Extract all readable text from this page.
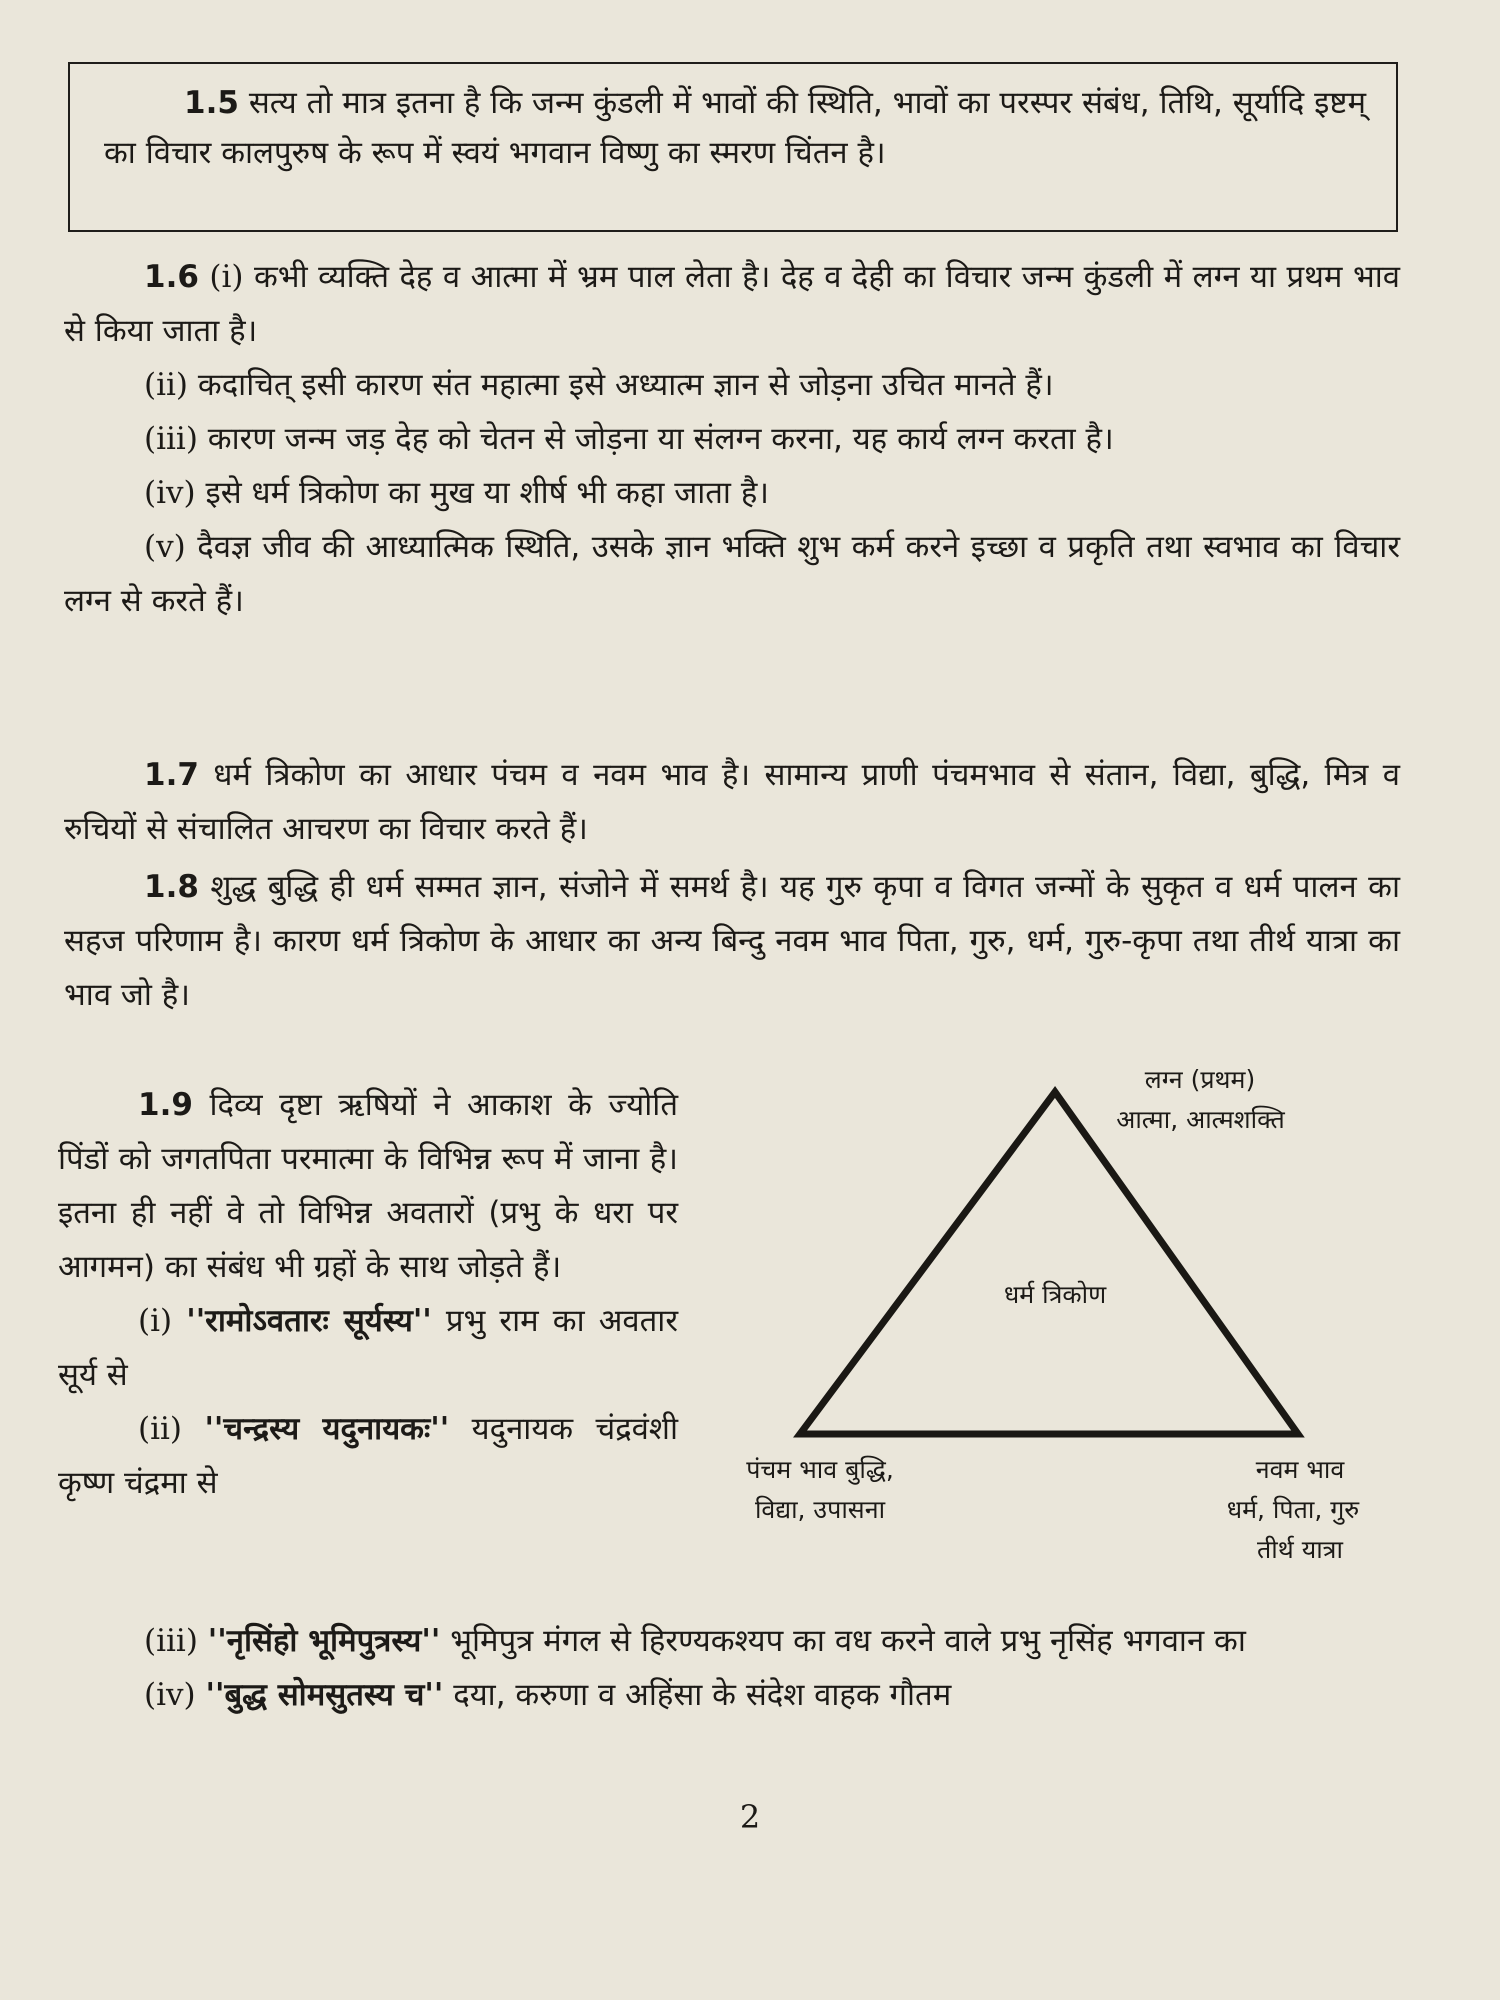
1.5 सत्य तो मात्र इतना है कि जन्म कुंडली में भावों की स्थिति, भावों का परस्पर संबंध, तिथि, सूर्यादि इष्टम् का विचार कालपुरुष के रूप में स्वयं भगवान विष्णु का स्मरण चिंतन है।

1.6 (i) कभी व्यक्ति देह व आत्मा में भ्रम पाल लेता है। देह व देही का विचार जन्म कुंडली में लग्न या प्रथम भाव से किया जाता है।

(ii) कदाचित् इसी कारण संत महात्मा इसे अध्यात्म ज्ञान से जोड़ना उचित मानते हैं।

(iii) कारण जन्म जड़ देह को चेतन से जोड़ना या संलग्न करना, यह कार्य लग्न करता है।

(iv) इसे धर्म त्रिकोण का मुख या शीर्ष भी कहा जाता है।

(v) दैवज्ञ जीव की आध्यात्मिक स्थिति, उसके ज्ञान भक्ति शुभ कर्म करने इच्छा व प्रकृति तथा स्वभाव का विचार लग्न से करते हैं।

1.7 धर्म त्रिकोण का आधार पंचम व नवम भाव है। सामान्य प्राणी पंचमभाव से संतान, विद्या, बुद्धि, मित्र व रुचियों से संचालित आचरण का विचार करते हैं।

1.8 शुद्ध बुद्धि ही धर्म सम्मत ज्ञान, संजोने में समर्थ है। यह गुरु कृपा व विगत जन्मों के सुकृत व धर्म पालन का सहज परिणाम है। कारण धर्म त्रिकोण के आधार का अन्य बिन्दु नवम भाव पिता, गुरु, धर्म, गुरु-कृपा तथा तीर्थ यात्रा का भाव जो है।

1.9 दिव्य दृष्टा ऋषियों ने आकाश के ज्योति पिंडों को जगतपिता परमात्मा के विभिन्न रूप में जाना है। इतना ही नहीं वे तो विभिन्न अवतारों (प्रभु के धरा पर आगमन) का संबंध भी ग्रहों के साथ जोड़ते हैं।

(i) ''रामोऽवतारः सूर्यस्य'' प्रभु राम का अवतार सूर्य से

(ii) ''चन्द्रस्य यदुनायकः'' यदुनायक चंद्रवंशी कृष्ण चंद्रमा से

लग्न (प्रथम)
आत्मा, आत्मशक्ति
धर्म त्रिकोण
पंचम भाव बुद्धि,
विद्या, उपासना
नवम भाव
धर्म, पिता, गुरु
तीर्थ यात्रा

(iii) ''नृसिंहो भूमिपुत्रस्य'' भूमिपुत्र मंगल से हिरण्यकश्यप का वध करने वाले प्रभु नृसिंह भगवान का

(iv) ''बुद्ध सोमसुतस्य च'' दया, करुणा व अहिंसा के संदेश वाहक गौतम

2
